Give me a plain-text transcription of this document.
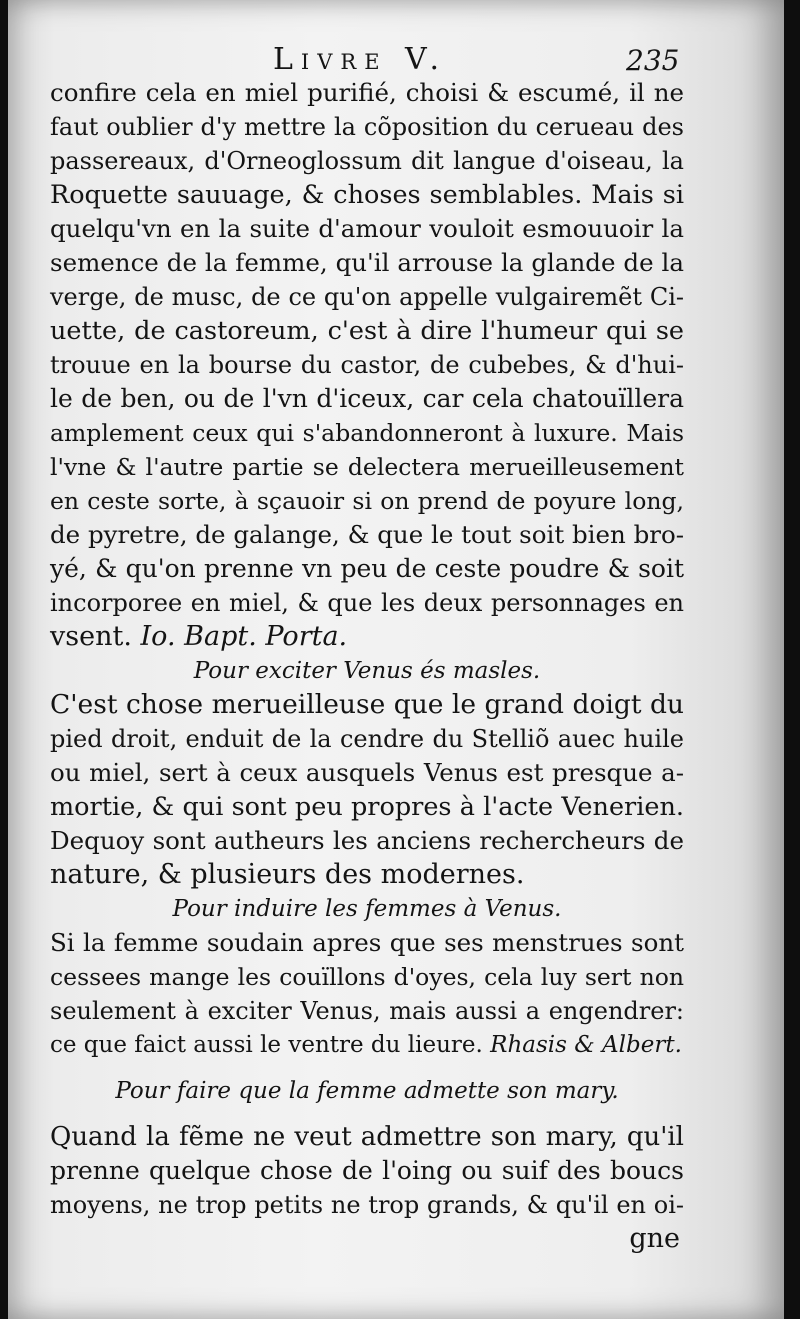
Livre V.	235
confire cela en miel purifié, choisi & escumé, il ne
faut oublier d'y mettre la cõposition du cerueau des
passereaux, d'Orneoglossum dit langue d'oiseau, la
Roquette sauuage, & choses semblables. Mais si
quelqu'vn en la suite d'amour vouloit esmouuoir la
semence de la femme, qu'il arrouse la glande de la
verge, de musc, de ce qu'on appelle vulgairemẽt Ci-
uette, de castoreum, c'est à dire l'humeur qui se
trouue en la bourse du castor, de cubebes, & d'hui-
le de ben, ou de l'vn d'iceux, car cela chatouïllera
amplement ceux qui s'abandonneront à luxure. Mais
l'vne & l'autre partie se delectera merueilleusement
en ceste sorte, à sçauoir si on prend de poyure long,
de pyretre, de galange, & que le tout soit bien bro-
yé, & qu'on prenne vn peu de ceste poudre & soit
incorporee en miel, & que les deux personnages en
vsent. Io. Bapt. Porta.
Pour exciter Venus és masles.
C'est chose merueilleuse que le grand doigt du
pied droit, enduit de la cendre du Stelliõ auec huile
ou miel, sert à ceux ausquels Venus est presque a-
mortie, & qui sont peu propres à l'acte Venerien.
Dequoy sont autheurs les anciens rechercheurs de
nature, & plusieurs des modernes.
Pour induire les femmes à Venus.
Si la femme soudain apres que ses menstrues sont
cessees mange les couïllons d'oyes, cela luy sert non
seulement à exciter Venus, mais aussi a engendrer:
ce que faict aussi le ventre du lieure. Rhasis & Albert.
Pour faire que la femme admette son mary.
Quand la fẽme ne veut admettre son mary, qu'il
prenne quelque chose de l'oing ou suif des boucs
moyens, ne trop petits ne trop grands, & qu'il en oi-
gne
